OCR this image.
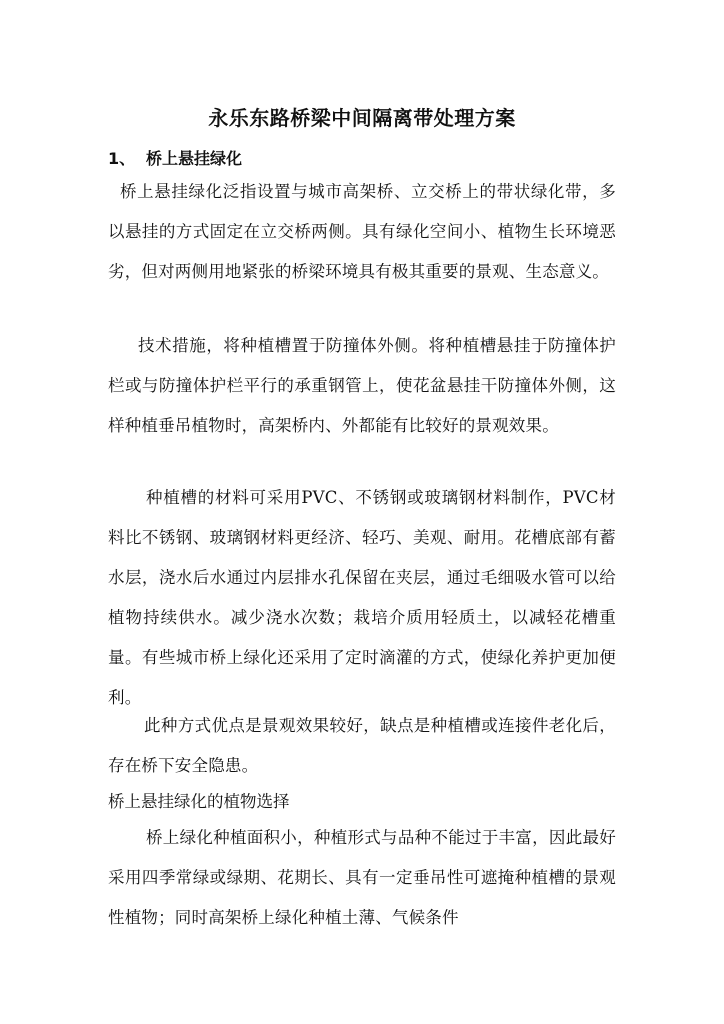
永乐东路桥梁中间隔离带处理方案
1、 桥上悬挂绿化
桥上悬挂绿化泛指设置与城市高架桥、立交桥上的带状绿化带，多以悬挂的方式固定在立交桥两侧。具有绿化空间小、植物生长环境恶劣，但对两侧用地紧张的桥梁环境具有极其重要的景观、生态意义。
技术措施，将种植槽置于防撞体外侧。将种植槽悬挂于防撞体护栏或与防撞体护栏平行的承重钢管上，使花盆悬挂干防撞体外侧，这样种植垂吊植物时，高架桥内、外都能有比较好的景观效果。
种植槽的材料可采用PVC、不锈钢或玻璃钢材料制作，PVC材料比不锈钢、玻璃钢材料更经济、轻巧、美观、耐用。花槽底部有蓄水层，浇水后水通过内层排水孔保留在夹层，通过毛细吸水管可以给植物持续供水。减少浇水次数；栽培介质用轻质土，以减轻花槽重量。有些城市桥上绿化还采用了定时滴灌的方式，使绿化养护更加便利。
此种方式优点是景观效果较好，缺点是种植槽或连接件老化后，存在桥下安全隐患。
桥上悬挂绿化的植物选择
桥上绿化种植面积小，种植形式与品种不能过于丰富，因此最好采用四季常绿或绿期、花期长、具有一定垂吊性可遮掩种植槽的景观性植物；同时高架桥上绿化种植土薄、气候条件
